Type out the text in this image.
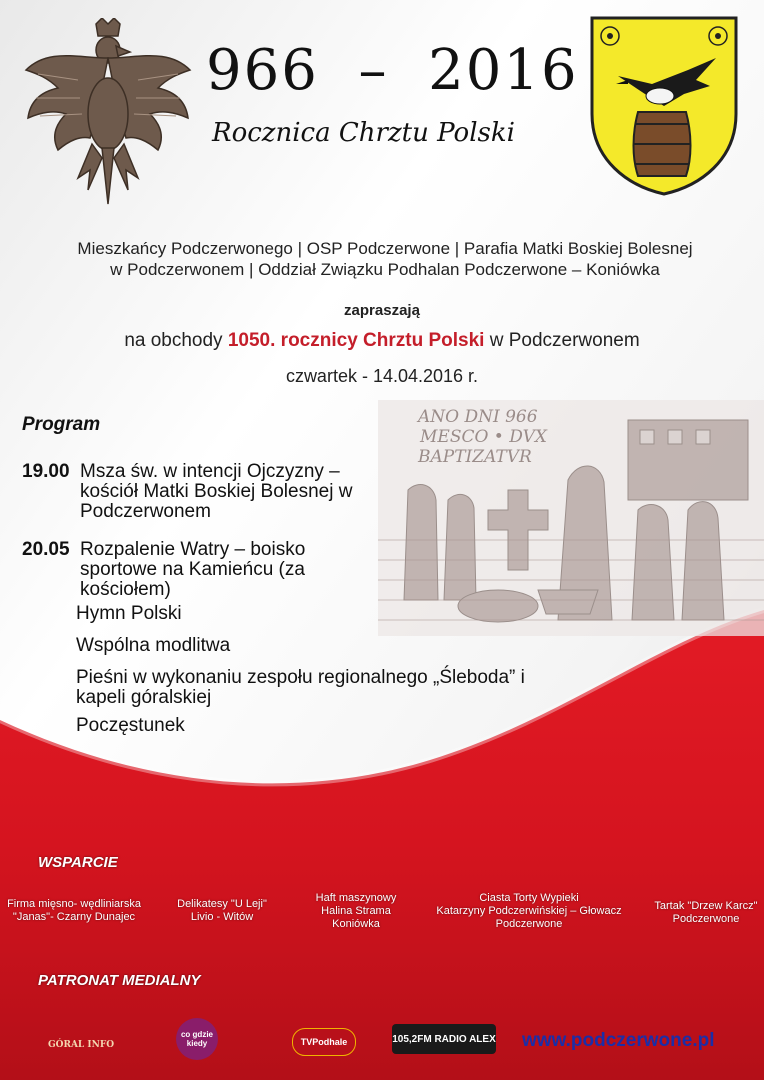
966  –  2016
Rocznica Chrztu Polski
Mieszkańcy Podczerwonego | OSP Podczerwone | Parafia Matki Boskiej Bolesnej
w Podczerwonem | Oddział Związku Podhalan Podczerwone – Koniówka
zapraszają
na obchody 1050. rocznicy Chrztu Polski w Podczerwonem
czwartek - 14.04.2016 r.
ANO DNI 966
MESCO • DVX
BAPTIZATVR
Program
19.00 Msza św. w intencji Ojczyzny – kościół Matki Boskiej Bolesnej w Podczerwonem
20.05 Rozpalenie Watry – boisko sportowe na Kamieńcu (za kościołem)
Hymn Polski
Wspólna modlitwa
Pieśni w wykonaniu zespołu regionalnego „Śleboda” i kapeli góralskiej
Poczęstunek
WSPARCIE
Firma mięsno- wędliniarska
"Janas"- Czarny Dunajec
Delikatesy "U Leji"
Livio - Witów
Haft maszynowy
Halina Strama
Koniówka
Ciasta Torty Wypieki
Katarzyny Podczerwińskiej – Głowacz
Podczerwone
Tartak "Drzew Karcz"
Podczerwone
PATRONAT MEDIALNY
GÓRAL INFO
co gdzie kiedy	TVPodhale	105,2FM RADIO ALEX www.podczerwone.pl
